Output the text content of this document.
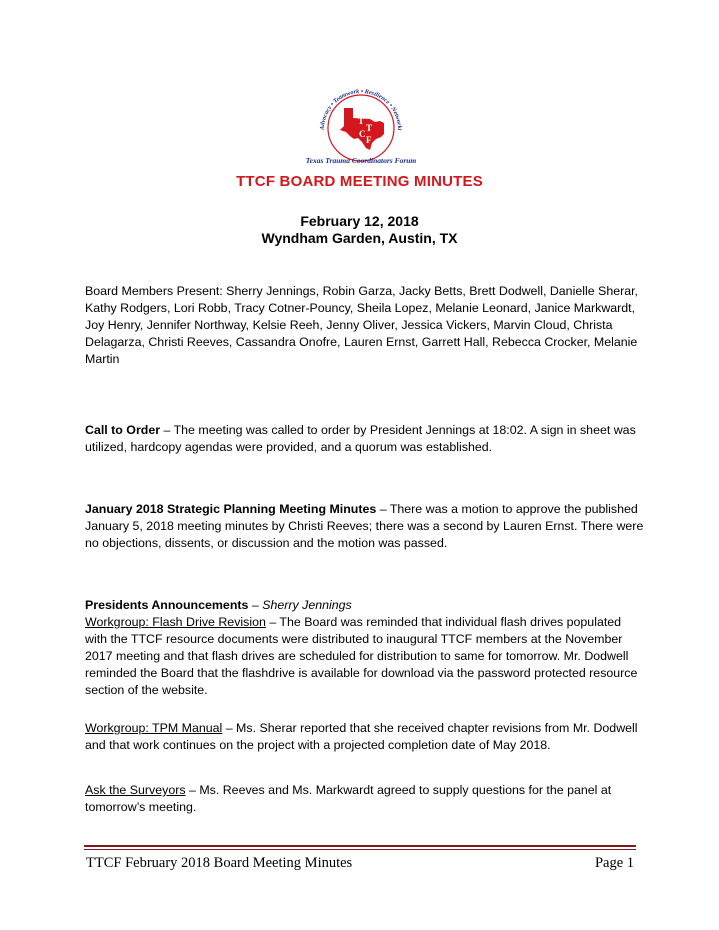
Advocacy • Teamwork • Resilience • Networki
T
T
C
F
Texas Trauma Coordinators Forum
TTCF BOARD MEETING MINUTES
February 12, 2018
Wyndham Garden, Austin, TX
Board Members Present: Sherry Jennings, Robin Garza, Jacky Betts, Brett Dodwell, Danielle Sherar, Kathy Rodgers, Lori Robb, Tracy Cotner-Pouncy, Sheila Lopez, Melanie Leonard, Janice Markwardt, Joy Henry, Jennifer Northway, Kelsie Reeh, Jenny Oliver, Jessica Vickers, Marvin Cloud, Christa Delagarza, Christi Reeves, Cassandra Onofre, Lauren Ernst, Garrett Hall, Rebecca Crocker, Melanie Martin
Call to Order – The meeting was called to order by President Jennings at 18:02. A sign in sheet was utilized, hardcopy agendas were provided, and a quorum was established.
January 2018 Strategic Planning Meeting Minutes – There was a motion to approve the published January 5, 2018 meeting minutes by Christi Reeves; there was a second by Lauren Ernst. There were no objections, dissents, or discussion and the motion was passed.
Presidents Announcements – Sherry Jennings
Workgroup: Flash Drive Revision – The Board was reminded that individual flash drives populated with the TTCF resource documents were distributed to inaugural TTCF members at the November 2017 meeting and that flash drives are scheduled for distribution to same for tomorrow. Mr. Dodwell reminded the Board that the flashdrive is available for download via the password protected resource section of the website.
Workgroup: TPM Manual – Ms. Sherar reported that she received chapter revisions from Mr. Dodwell and that work continues on the project with a projected completion date of May 2018.
Ask the Surveyors – Ms. Reeves and Ms. Markwardt agreed to supply questions for the panel at tomorrow’s meeting.
TTCF February 2018 Board Meeting Minutes	Page 1
